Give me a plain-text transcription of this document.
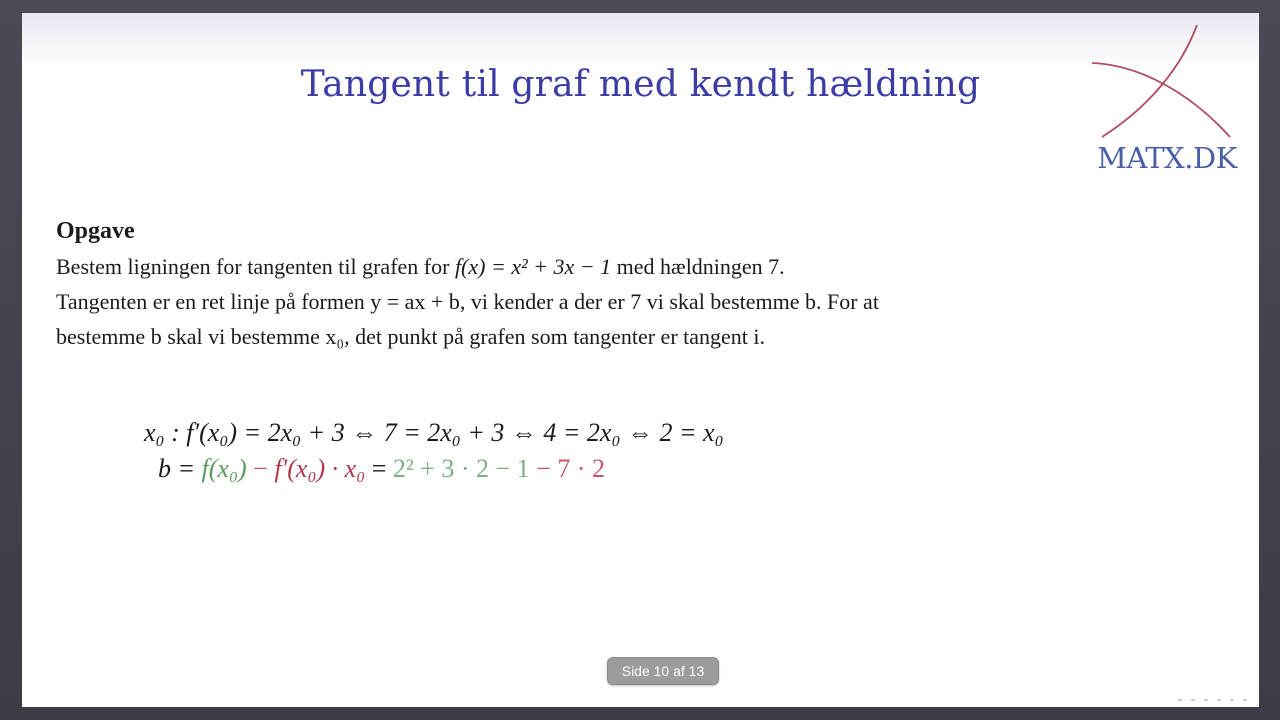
Tangent til graf med kendt hældning
MATX.DK
Opgave
Bestem ligningen for tangenten til grafen for f(x) = x² + 3x − 1 med hældningen 7.
Tangenten er en ret linje på formen y = ax + b, vi kender a der er 7 vi skal bestemme b. For at
bestemme b skal vi bestemme x₀, det punkt på grafen som tangenter er tangent i.
x₀ : f′(x₀) = 2x₀ + 3 ⇔ 7 = 2x₀ + 3 ⇔ 4 = 2x₀ ⇔ 2 = x₀
b = f(x₀) − f′(x₀) · x₀ = 2² + 3 · 2 − 1 − 7 · 2
Side 10 af 13
